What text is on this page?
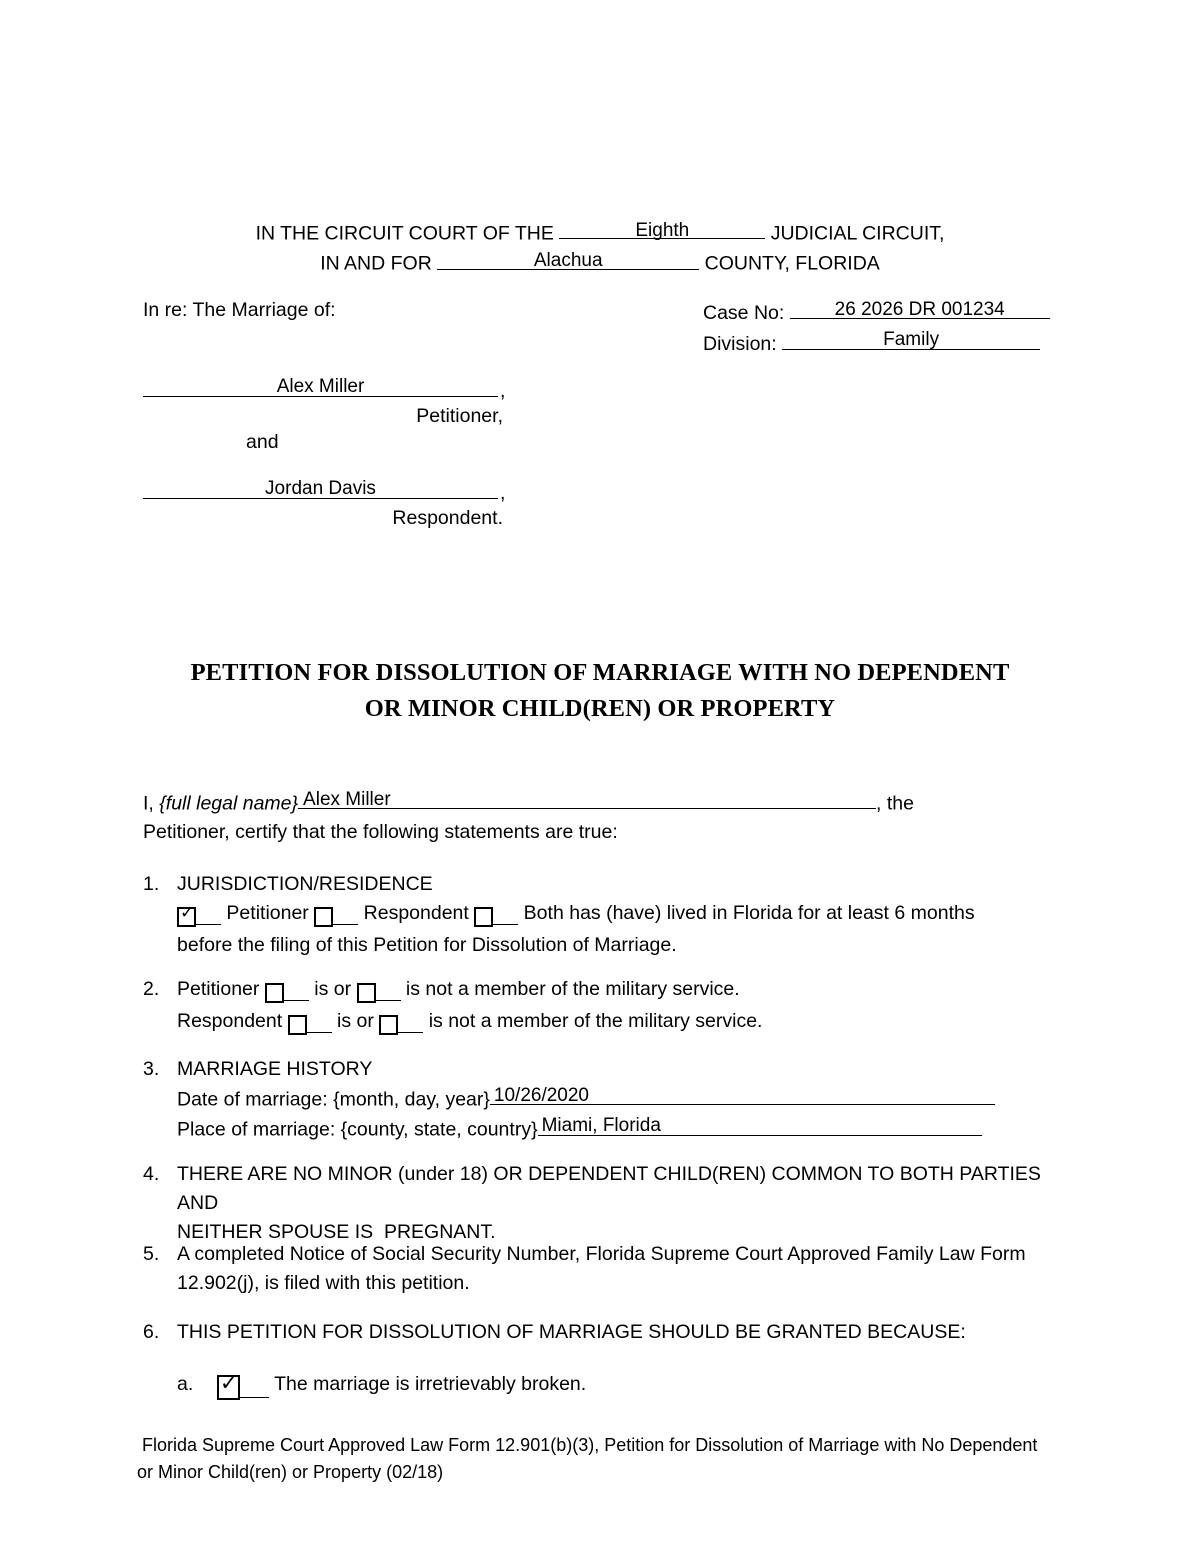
IN THE CIRCUIT COURT OF THE	Eighth	JUDICIAL CIRCUIT,
IN AND FOR	Alachua	COUNTY, FLORIDA
In re: The Marriage of:	Case No:	26 2026 DR 001234
Division:	Family
,
Alex Miller
Petitioner,
and
,
Jordan Davis
Respondent.
PETITION FOR DISSOLUTION OF MARRIAGE WITH NO DEPENDENT
OR MINOR CHILD(REN) OR PROPERTY
I, {full legal name} Alex Miller	, the
Petitioner, certify that the following statements are true:
1. JURISDICTION/RESIDENCE
✓ Petitioner	Respondent	Both has (have) lived in Florida for at least 6 months
before the filing of this Petition for Dissolution of Marriage.
2. Petitioner	is or	is not a member of the military service.
Respondent	is or	is not a member of the military service.
3. MARRIAGE HISTORY
Date of marriage: {month, day, year} 10/26/2020
Place of marriage: {county, state, country} Miami, Florida
4. THERE ARE NO MINOR (under 18) OR DEPENDENT CHILD(REN) COMMON TO BOTH PARTIES AND
NEITHER SPOUSE IS  PREGNANT.
5. A completed Notice of Social Security Number, Florida Supreme Court Approved Family Law Form
12.902(j), is filed with this petition.
6. THIS PETITION FOR DISSOLUTION OF MARRIAGE SHOULD BE GRANTED BECAUSE:
a.	✓ The marriage is irretrievably broken.
Florida Supreme Court Approved Law Form 12.901(b)(3), Petition for Dissolution of Marriage with No Dependent
or Minor Child(ren) or Property (02/18)
